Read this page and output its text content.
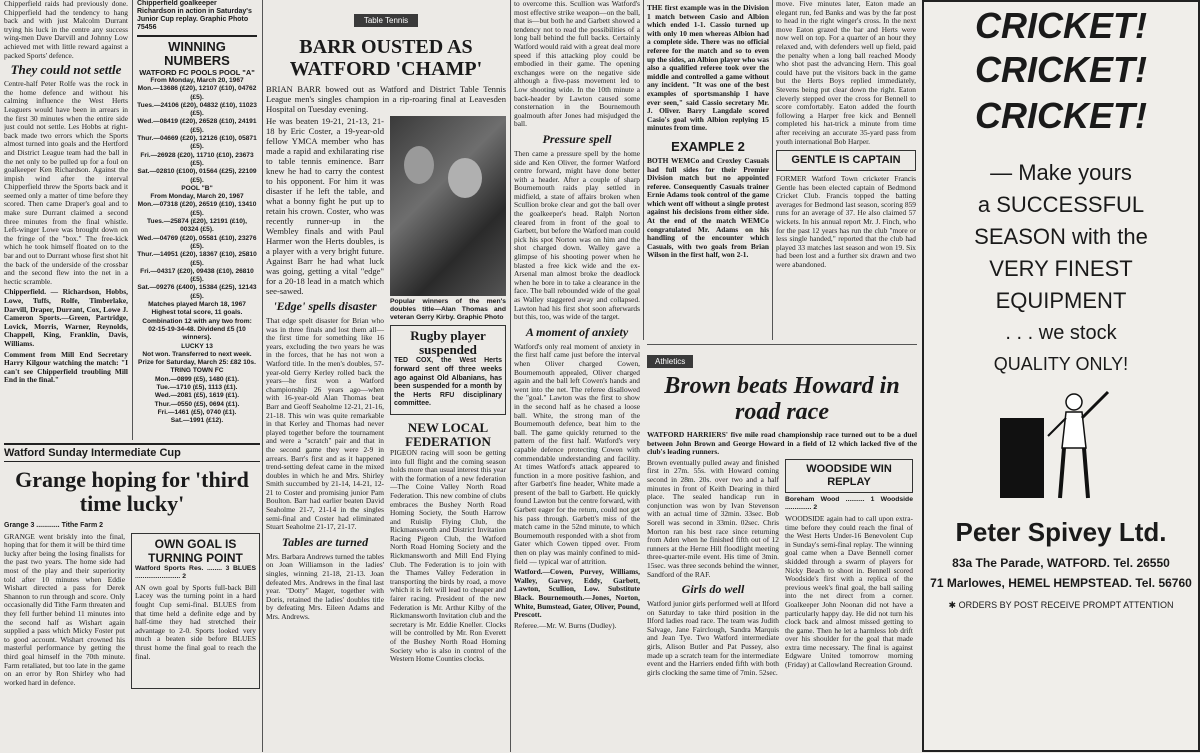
Chipperfield raids had previously done. Chipperfield had the tendency to hang back and with just Malcolm Durrant trying his luck in the centre any success wing-men Dave Darvill and Johnny Low achieved met with little reward against a packed Sports' defence.

They could not settle

Centre-half Peter Rolfe was the rock in the home defence and without his calming influence the West Herts Leaguers would have been in arrears in the first 30 minutes when the entire side just could not settle. Les Hobbs at right-back made two errors which the Sports almost turned into goals and the Hertford and District League team had the ball in the net only to be pulled up for a foul on goalkeeper Ken Richardson. Against the impish wind after the interval Chipperfield threw the Sports back and it seemed only a matter of time before they scored. Then came Draper's goal and to make sure Durrant claimed a second three minutes from the final whistle. Left-winger Lowe was brought down on the fringe of the "box." The free-kick which he took himself floated on to the bar and out to Durrant whose first shot hit the back of the underside of the crossbar and the second flew into the net in a hectic scramble.

Chipperfield. — Richardson, Hobbs, Lowe, Tuffs, Rolfe, Timberlake, Darvill, Draper, Durrant, Cox, Lowe J. Cameron Sports.—Green, Partridge, Lovick, Morris, Warner, Reynolds, Chappell, King, Franklin, Davis, Williams.

Comment from Mill End Secretary Harry Kilgour watching the match: "I can't see Chipperfield troubling Mill End in the final."

Chipperfield goalkeeper Richardson in action in Saturday's Junior Cup replay. Graphic Photo 75456

WINNING NUMBERS
WATFORD FC POOLS POOL "A"
From Monday, March 20, 1967
Mon.—13686 (£20), 12107 (£10), 04762 (£5).
Tues.—24106 (£20), 04832 (£10), 11023 (£5).
Wed.—08419 (£20), 26528 (£10), 24191 (£5).
Thur.—04669 (£20), 12126 (£10), 05871 (£5).
Fri.—26928 (£20), 11710 (£10), 23673 (£5).
Sat.—02810 (£100), 01564 (£25), 22109 (£5).
POOL "B"
From Monday, March 20, 1967
Mon.—07318 (£20), 26519 (£10), 13410 (£5).
Tues.—25874 (£20), 12191 (£10), 00324 (£5).
Wed.—04769 (£20), 05581 (£10), 23276 (£5).
Thur.—14951 (£20), 18367 (£10), 25810 (£5).
Fri.—04317 (£20), 09438 (£10), 26810 (£5).
Sat.—09276 (£400), 15384 (£25), 12143 (£5).
Matches played March 18, 1967 Highest total score, 11 goals. Combination 12 with any two from: 02-15-19-34-48. Dividend £5 (10 winners).
LUCKY 13
Not won. Transferred to next week. Prize for Saturday, March 25: £82 10s.
TRING TOWN FC
Mon.—0899 (£5), 1480 (£1).
Tue.—1710 (£5), 1113 (£1).
Wed.—2081 (£5), 1619 (£1).
Thur.—0550 (£5), 0694 (£1).
Fri.—1461 (£5), 0740 (£1).
Sat.—1991 (£12).
Watford Sunday Intermediate Cup
Grange hoping for 'third time lucky'

Grange 3 ............ Tithe Farm 2

GRANGE went briskly into the final, hoping that for them it will be third time lucky after being the losing finalists for the past two years. The home side had most of the play and their superiority told after 10 minutes when Eddie Wishart directed a pass for Derek Shannon to run through and score. Only occasionally did Tithe Farm threaten and they fell further behind 11 minutes into the second half as Wishart again supplied a pass which Micky Foster put to good account. Wishart crowned his masterful performance by getting the third goal himself in the 70th minute. Farm retaliated, but too late in the game on an error by Ron Shirley who had worked hard in defence.

OWN GOAL IS TURNING POINT

Watford Sports Res. ........ 3 BLUES ........................ 2

AN own goal by Sports full-back Bill Lacey was the turning point in a hard fought Cup semi-final. BLUES from that time held a definite edge and by half-time they had stretched their advantage to 2-0. Sports looked very much a beaten side before BLUES thrust home the final goal to reach the final.

Table Tennis
BARR OUSTED AS WATFORD 'CHAMP'

BRIAN BARR bowed out as Watford and District Table Tennis League men's singles champion in a rip-roaring final at Leavesden Hospital on Tuesday evening.

He was beaten 19-21, 21-13, 21-18 by Eric Coster, a 19-year-old fellow YMCA member who has made a rapid and exhilarating rise to table tennis eminence. Barr knew he had to carry the contest to his opponent. For him it was disaster if he left the table, and what a bonny fight he put up to retain his crown. Coster, who was recently runner-up in the Wembley finals and with Paul Harmer won the Herts doubles, is a player with a very bright future. Against Barr he had what luck was going, getting a vital "edge" for a 20-18 lead in a match which see-sawed.

'Edge' spells disaster

That edge spelt disaster for Brian who was in three finals and lost them all—the first time for something like 16 years, excluding the two years he was in the forces, that he has not won a Watford title. In the men's doubles, 57-year-old Gerry Kerley rolled back the years—he first won a Watford championship 26 years ago—when with 16-year-old Alan Thomas beat Barr and Geoff Seaholme 12-21, 21-16, 21-18. This win was quite remarkable in that Kerley and Thomas had never played together before the tournament and were a "scratch" pair and that in the second game they were 2-9 in arrears. Barr's first and as it happened trend-setting defeat came in the mixed doubles in which he and Mrs. Shirley Smith succumbed by 21-14, 14-21, 12-21 to Coster and promising junior Pam Boulton. Barr had earlier beaten David Seaholme 21-7, 21-14 in the singles semi-final and Coster had eliminated Stuart Seaholme 21-17, 21-17.

Tables are turned

Mrs. Barbara Andrews turned the tables on Joan Williamson in the ladies' singles, winning 21-18, 21-13. Joan defeated Mrs. Andrews in the final last year. "Dotty" Mager, together with Doris, retained the ladies' doubles title by defeating Mrs. Eileen Adams and Mrs. Andrews.

Popular winners of the men's doubles title—Alan Thomas and veteran Gerry Kirby. Graphic Photo

Rugby player suspended

TED COX, the West Herts forward sent off three weeks ago against Old Albanians, has been suspended for a month by the Herts RFU disciplinary committee.

NEW LOCAL FEDERATION

PIGEON racing will soon be getting into full flight and the coming season holds more than usual interest this year with the formation of a new federation—The Coine Valley North Road Federation. This new combine of clubs embraces the Bushey North Road Homing Society, the South Harrow and Ruislip Flying Club, the Rickmansworth and District Invitation Racing Pigeon Club, the Watford North Road Homing Society and the Rickmansworth and Mill End Flying Club. The Federation is to join with the Thames Valley Federation in transporting the birds by road, a move which it is felt will lead to cheaper and fairer racing. President of the new Federation is Mr. Arthur Kilby of the Rickmansworth Invitation club and the secretary is Mr. Eddie Kneller. Clocks will be controlled by Mr. Ron Everett of the Bushey North Road Homing Society who is also in control of the Western Home Counties clocks.

to overcome this. Scullion was Watford's most effective strike weapon—on the ball, that is—but both he and Garbett showed a tendency not to read the possibilities of a long ball behind the full backs. Certainly Watford would raid with a great deal more speed if this attacking ploy could be embodied in their game. The opening exchanges were on the negative side although a five-pass movement led to Low shooting wide. In the 10th minute a back-header by Lawton caused some consternation in the Bournemouth goalmouth after Jones had misjudged the ball.

Pressure spell

Then came a pressure spell by the home side and Ken Oliver, the former Watford centre forward, might have done better with a header. After a couple of sharp Bournemouth raids play settled in midfield, a state of affairs broken when Scullion broke clear and got the ball over the goalkeeper's head. Ralph Norton cleared from in front of the goal to Garbett, but before the Watford man could pick his spot Norton was on him and the shot charged down. Walley gave a glimpse of his shooting power when he blasted a free kick wide and the ex-Arsenal man almost broke the deadlock when he bore in to take a clearance in the face. The ball rebounded wide of the goal as Walley staggered away and collapsed. Lawton had his first shot soon afterwards but this, too, was wide of the target.

A moment of anxiety

Watford's only real moment of anxiety in the first half came just before the interval when Oliver charged Cowen, Bournemouth appealed, Oliver charged again and the ball left Cowen's hands and went into the net. The referee disallowed the "goal." Lawton was the first to show in the second half as he chased a loose ball. White, the strong man of the Bournemouth defence, beat him to the ball. The game quickly returned to the pattern of the first half. Watford's very capable defence protecting Cowen with commendable understanding and facility. At times Watford's attack appeared to function in a more positive fashion, and after Garbett's fine header, White made a present of the ball to Garbett. He quickly found Lawton but the centre forward, with Garbett eager for the return, could not get his pass through. Garbett's miss of the match came in the 52nd minute, to which Bournemouth responded with a shot from Gater which Cowen tipped over. From then on play was mainly confined to mid-field — typical war of attrition.

Watford.—Cowen, Purvey, Williams, Walley, Garvey, Eddy, Garbett, Lawton, Scullion, Low. Substitute Black. Bournemouth.—Jones, Norton, White, Bumstead, Gater, Oliver, Pound, Prescott.

Referee.—Mr. W. Burns (Dudley).

THE first example was in the Division 1 match between Casio and Albion which ended 1-1. Cassio turned up with only 10 men whereas Albion had a complete side. There was no official referee for the match and so to even up the sides, an Albion player who was also a qualified referee took over the middle and controlled a game without any incident. "It was one of the best examples of sportsmanship I have ever seen," said Cassio secretary Mr. J. Oliver. Barry Langdale scored Casio's goal with Albion replying 15 minutes from time.

EXAMPLE 2

BOTH WEMCo and Croxley Casuals had full sides for their Premier Division match but no appointed referee. Consequently Casuals trainer Ernie Adams took control of the game which went off without a single protest against his decisions from either side. At the end of the match WEMCo congratulated Mr. Adams on his handling of the encounter which Casuals, with two goals from Brian Wilson in the first half, won 2-1.

move. Five minutes later, Eaton made an elegant run, fed Banks and was by the far post to head in the right winger's cross. In the next move Eaton grazed the bar and Herts were now well on top. For a quarter of an hour they relaxed and, with defenders well up field, paid the penalty when a long ball reached Moody who shot past the advancing Hern. This goal could have put the visitors back in the game but the Herts Boys replied immediately, Stevens being put clear down the right. Eaton cleverly stepped over the cross for Bennell to score comfortably. Eaton added the fourth following a Harper free kick and Bennell completed his hat-trick a minute from time after receiving an accurate 35-yard pass from youth international Bob Harper.

GENTLE IS CAPTAIN

FORMER Watford Town cricketer Francis Gentle has been elected captain of Bedmond Cricket Club. Francis topped the batting averages for Bedmond last season, scoring 859 runs for an average of 37. He also claimed 57 wickets. In his annual report Mr. J. Finch, who for the past 12 years has run the club "more or less single handed," reported that the club had played 33 matches last season and won 19. Six had been lost and a further six drawn and two were abandoned.

Athletics
Brown beats Howard in road race

WATFORD HARRIERS' five mile road championship race turned out to be a duel between John Brown and George Howard in a field of 12 which lacked five of the club's leading runners.

Brown eventually pulled away and finished first in 27m. 55s. with Howard coming second in 28m. 20s. over two and a half minutes in front of Keith Dearing in third place. The sealed handicap run in conjunction was won by Ivan Stevenson with an actual time of 32min. 33sec. Bob Sorell was second in 33min. 02sec. Chris Morton ran his best race since returning from Aden when he finished fifth out of 12 runners at the Herne Hill floodlight meeting three-quarter-mile event. His time of 3min. 15sec. was three seconds behind the winner, Sandford of the RAF.

Girls do well

Watford junior girls performed well at Ilford on Saturday to take third position in the Ilford ladies road race. The team was Judith Salvage, Jane Fairclough, Sandra Marquis and Jean Tye. Two Watford intermediate girls, Alison Butler and Pat Pussey, also made up a scratch team for the intermediate event and the Harriers ended fifth with both girls clocking the same time of 7min. 52sec.

WOODSIDE WIN REPLAY

Boreham Wood .......... 1 Woodside .............. 2

WOODSIDE again had to call upon extra-time before they could reach the final of the West Herts Under-16 Benevolent Cup in Sunday's semi-final replay. The winning goal came when a Dave Bennell corner skidded through a swarm of players for Nicky Beach to shoot in. Bennell scored Woodside's first with a replica of the previous week's final goal, the ball sailing into the net direct from a corner. Goalkeeper John Noonan did not have a particularly happy day. He did not turn his clock back and almost missed getting to the game. Then he let a harmless lob drift over his shoulder for the goal that made extra time necessary. The final is against Edgware United tomorrow morning (Friday) at Callowland Recreation Ground.

CRICKET!

CRICKET!

CRICKET!

— Make yours

a SUCCESSFUL

SEASON with the

VERY FINEST

EQUIPMENT

. . . we stock

QUALITY ONLY!

Peter Spivey Ltd.

83a The Parade, WATFORD. Tel. 26550

71 Marlowes, HEMEL HEMPSTEAD. Tel. 56760

✱ ORDERS BY POST RECEIVE PROMPT ATTENTION
